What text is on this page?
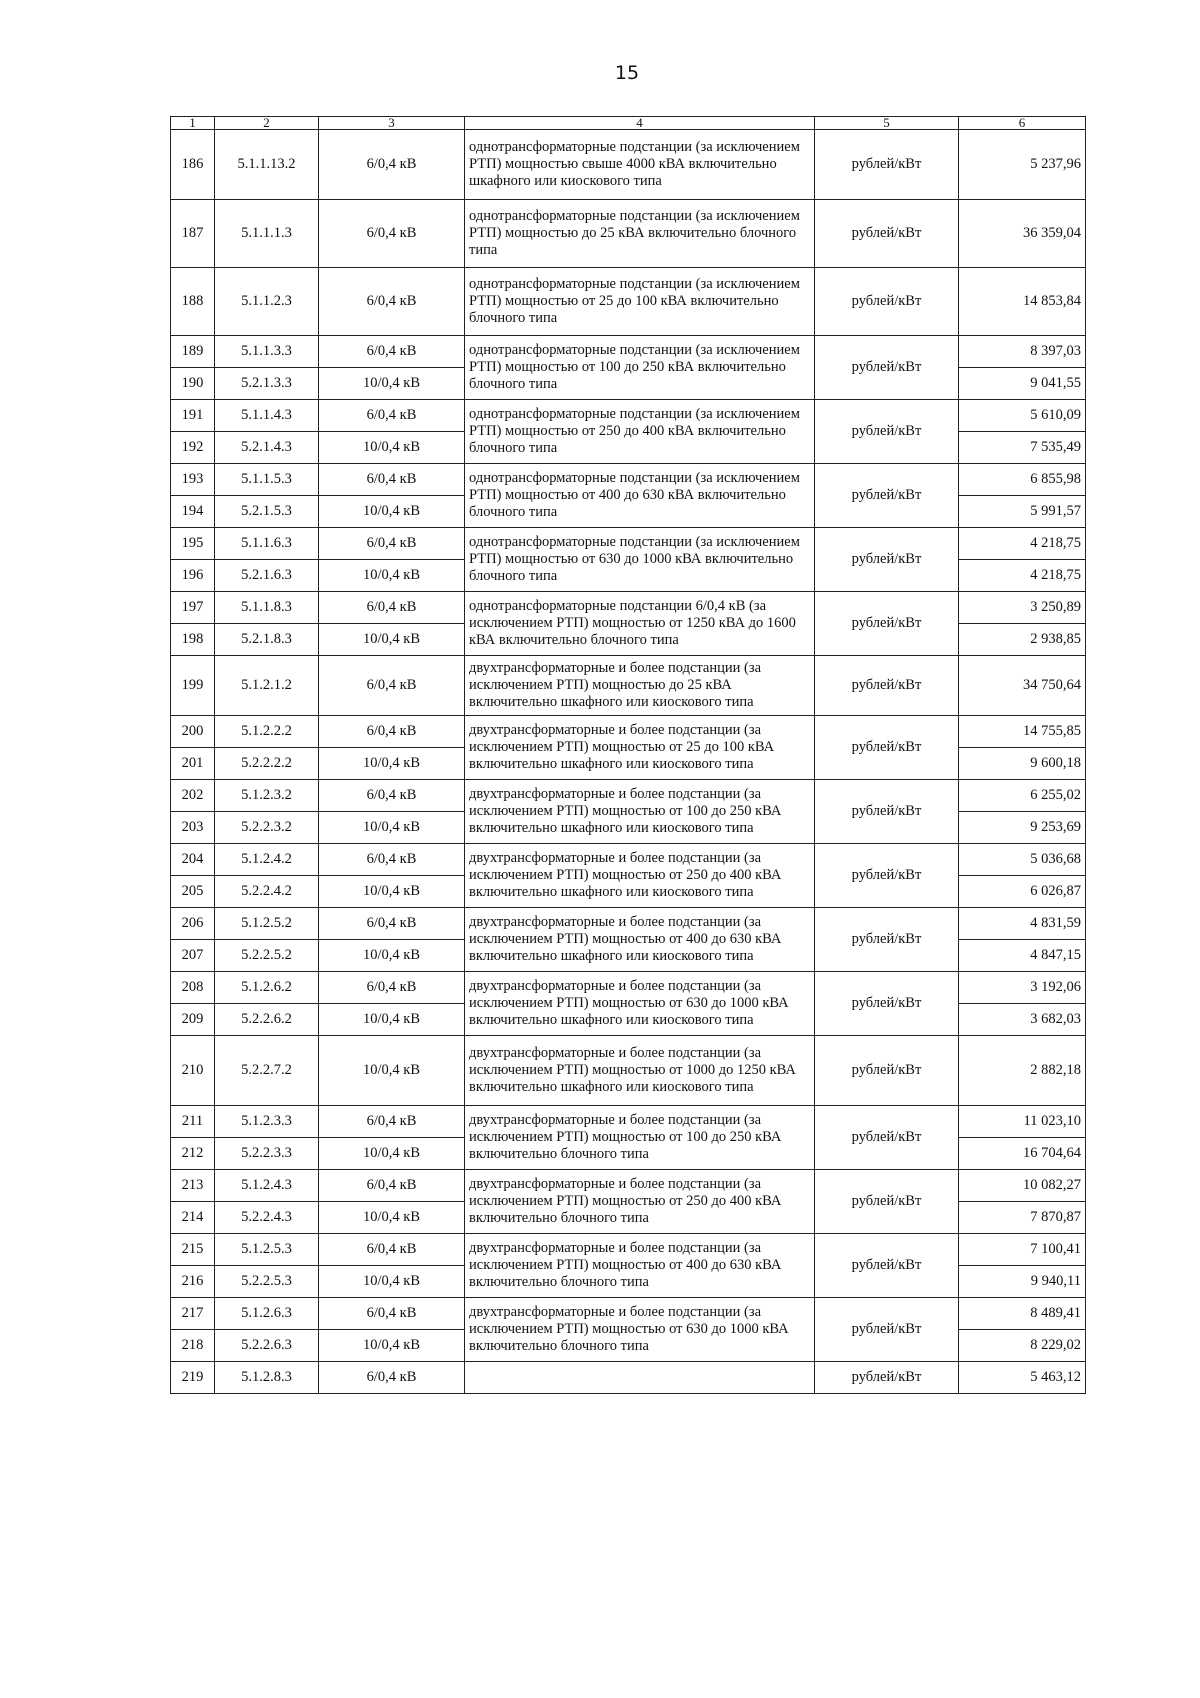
15
1	2	3	4	5	6
186	5.1.1.13.2	6/0,4 кВ	однотрансформаторные подстанции (за исключением РТП) мощностью свыше 4000 кВА включительно шкафного или киоскового типа	рублей/кВт	5 237,96
187	5.1.1.1.3	6/0,4 кВ	однотрансформаторные подстанции (за исключением РТП) мощностью до 25 кВА включительно блочного типа	рублей/кВт	36 359,04
188	5.1.1.2.3	6/0,4 кВ	однотрансформаторные подстанции (за исключением РТП) мощностью от 25 до 100 кВА включительно блочного типа	рублей/кВт	14 853,84
189	5.1.1.3.3	6/0,4 кВ	однотрансформаторные подстанции (за исключением РТП) мощностью от 100 до 250 кВА включительно блочного типа	рублей/кВт	8 397,03
190	5.2.1.3.3	10/0,4 кВ			9 041,55
191	5.1.1.4.3	6/0,4 кВ	однотрансформаторные подстанции (за исключением РТП) мощностью от 250 до 400 кВА включительно блочного типа	рублей/кВт	5 610,09
192	5.2.1.4.3	10/0,4 кВ			7 535,49
193	5.1.1.5.3	6/0,4 кВ	однотрансформаторные подстанции (за исключением РТП) мощностью от 400 до 630 кВА включительно блочного типа	рублей/кВт	6 855,98
194	5.2.1.5.3	10/0,4 кВ			5 991,57
195	5.1.1.6.3	6/0,4 кВ	однотрансформаторные подстанции (за исключением РТП) мощностью от 630 до 1000 кВА включительно блочного типа	рублей/кВт	4 218,75
196	5.2.1.6.3	10/0,4 кВ			4 218,75
197	5.1.1.8.3	6/0,4 кВ	однотрансформаторные подстанции 6/0,4 кВ (за исключением РТП) мощностью от 1250 кВА до 1600 кВА включительно блочного типа	рублей/кВт	3 250,89
198	5.2.1.8.3	10/0,4 кВ			2 938,85
199	5.1.2.1.2	6/0,4 кВ	двухтрансформаторные и более подстанции (за исключением РТП) мощностью до 25 кВА включительно шкафного или киоскового типа	рублей/кВт	34 750,64
200	5.1.2.2.2	6/0,4 кВ	двухтрансформаторные и более подстанции (за исключением РТП) мощностью от 25 до 100 кВА включительно шкафного или киоскового типа	рублей/кВт	14 755,85
201	5.2.2.2.2	10/0,4 кВ			9 600,18
202	5.1.2.3.2	6/0,4 кВ	двухтрансформаторные и более подстанции (за исключением РТП) мощностью от 100 до 250 кВА включительно шкафного или киоскового типа	рублей/кВт	6 255,02
203	5.2.2.3.2	10/0,4 кВ			9 253,69
204	5.1.2.4.2	6/0,4 кВ	двухтрансформаторные и более подстанции (за исключением РТП) мощностью от 250 до 400 кВА включительно шкафного или киоскового типа	рублей/кВт	5 036,68
205	5.2.2.4.2	10/0,4 кВ			6 026,87
206	5.1.2.5.2	6/0,4 кВ	двухтрансформаторные и более подстанции (за исключением РТП) мощностью от 400 до 630 кВА включительно шкафного или киоскового типа	рублей/кВт	4 831,59
207	5.2.2.5.2	10/0,4 кВ			4 847,15
208	5.1.2.6.2	6/0,4 кВ	двухтрансформаторные и более подстанции (за исключением РТП) мощностью от 630 до 1000 кВА включительно шкафного или киоскового типа	рублей/кВт	3 192,06
209	5.2.2.6.2	10/0,4 кВ			3 682,03
210	5.2.2.7.2	10/0,4 кВ	двухтрансформаторные и более подстанции (за исключением РТП) мощностью от 1000 до 1250 кВА включительно шкафного или киоскового типа	рублей/кВт	2 882,18
211	5.1.2.3.3	6/0,4 кВ	двухтрансформаторные и более подстанции (за исключением РТП) мощностью от 100 до 250 кВА включительно блочного типа	рублей/кВт	11 023,10
212	5.2.2.3.3	10/0,4 кВ			16 704,64
213	5.1.2.4.3	6/0,4 кВ	двухтрансформаторные и более подстанции (за исключением РТП) мощностью от 250 до 400 кВА включительно блочного типа	рублей/кВт	10 082,27
214	5.2.2.4.3	10/0,4 кВ			7 870,87
215	5.1.2.5.3	6/0,4 кВ	двухтрансформаторные и более подстанции (за исключением РТП) мощностью от 400 до 630 кВА включительно блочного типа	рублей/кВт	7 100,41
216	5.2.2.5.3	10/0,4 кВ			9 940,11
217	5.1.2.6.3	6/0,4 кВ	двухтрансформаторные и более подстанции (за исключением РТП) мощностью от 630 до 1000 кВА включительно блочного типа	рублей/кВт	8 489,41
218	5.2.2.6.3	10/0,4 кВ			8 229,02
219	5.1.2.8.3	6/0,4 кВ		рублей/кВт	5 463,12
